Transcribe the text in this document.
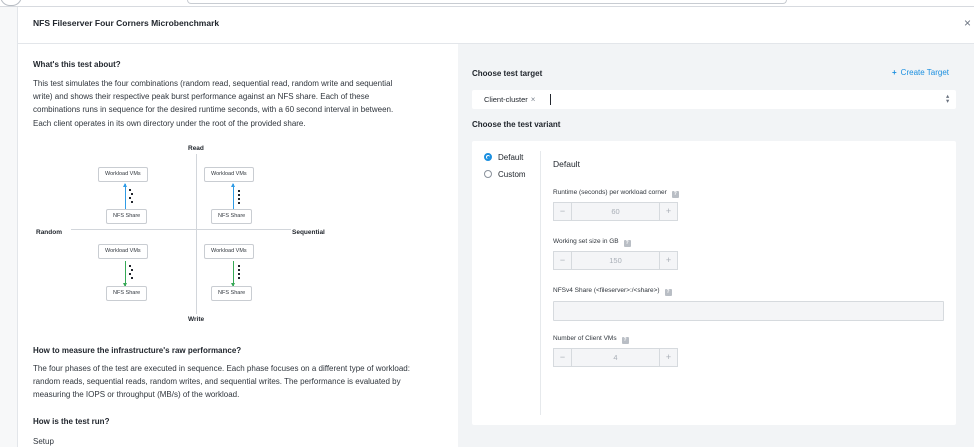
NFS Fileserver Four Corners Microbenchmark	×
What's this test about?
This test simulates the four combinations (random read, sequential read, random write and sequential
write) and shows their respective peak burst performance against an NFS share. Each of these
combinations runs in sequence for the desired runtime seconds, with a 60 second interval in between.
Each client operates in its own directory under the root of the provided share.
Read
Write
Random	Sequential
Workload VMs
NFS Share
Workload VMs
NFS Share
Workload VMs
NFS Share
Workload VMs
NFS Share
How to measure the infrastructure's raw performance?
The four phases of the test are executed in sequence. Each phase focuses on a different type of workload:
random reads, sequential reads, random writes, and sequential writes. The performance is evaluated by
measuring the IOPS or throughput (MB/s) of the workload.
How is the test run?
Setup
Choose test target	+ Create Target
Client-cluster ×	▴
▾
Choose the test variant
Default
Custom
Default
Runtime (seconds) per workload corner ?
−	60	+
Working set size in GB ?
−	150	+
NFSv4 Share (<fileserver>:/<share>) ?
Number of Client VMs ?
−	4	+
